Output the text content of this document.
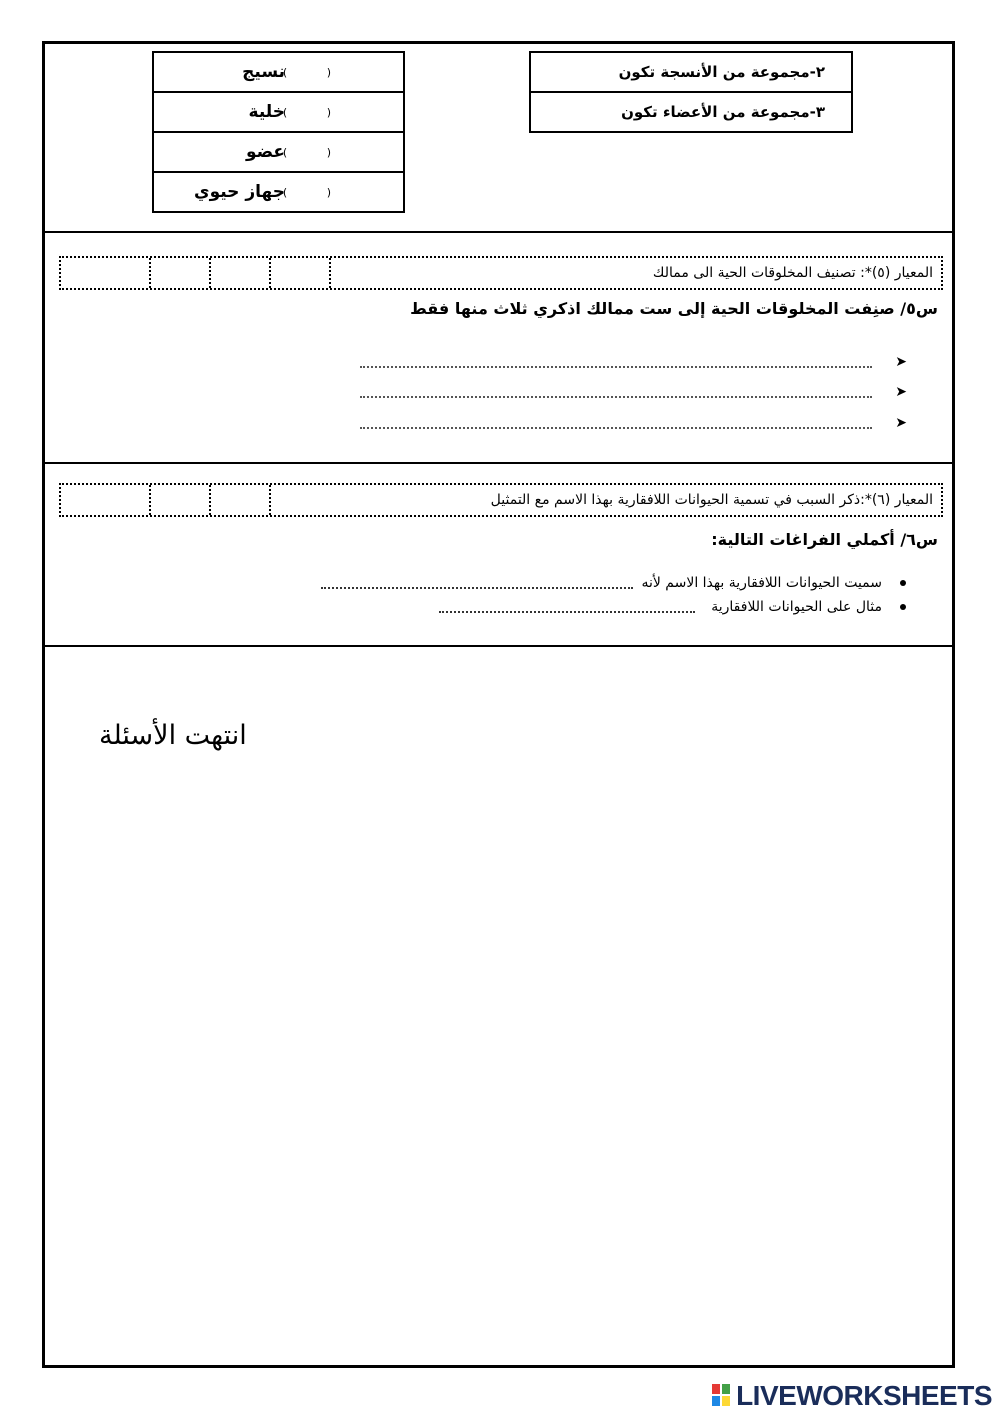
( )
نسيج
( )
خلية
( )
عضو
( )
جهاز حيوي
٢-مجموعة من الأنسجة تكون
٣-مجموعة من الأعضاء تكون
المعيار (٥)*: تصنيف المخلوقات الحية الى ممالك
س٥/ صنِفت المخلوقات الحية إلى ست ممالك اذكري ثلاث منها فقط
➤
➤
➤
المعيار (٦)*:ذكر السبب في تسمية الحيوانات اللافقارية بهذا الاسم مع التمثيل
س٦/ أكملي الفراغات التالية:
سميت الحيوانات اللافقارية بهذا الاسم لأنه
مثال على الحيوانات اللافقارية
انتهت الأسئلة
LIVEWORKSHEETS
